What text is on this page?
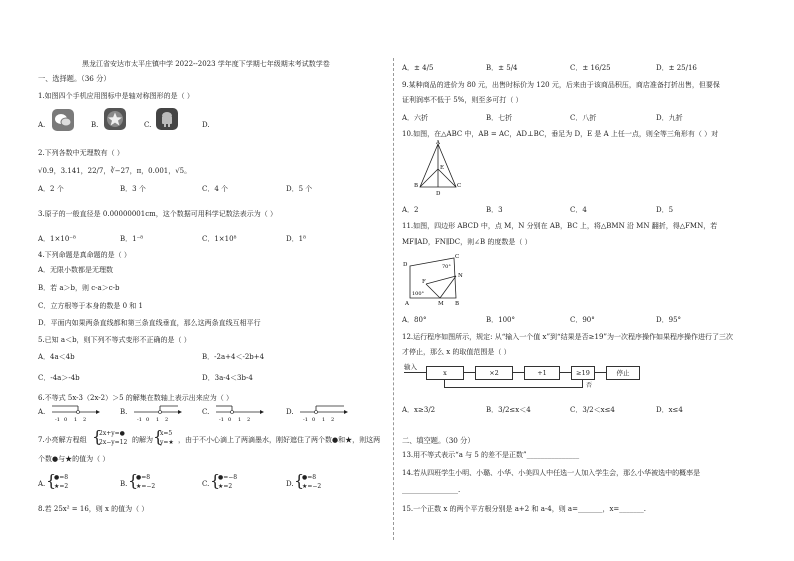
黑龙江省安达市太平庄镇中学 2022--2023 学年度下学期七年级期末考试数学卷
一、选择题。（36 分）
1.如图四个手机应用图标中是轴对称图形的是（ ）
A.	B.	C.	D.
2.下列各数中无理数有（ ）
√0.9，3.141，22/7，∛−27，π，0.001，√5。
A．2 个	B．3 个	C．4 个	D．5 个
3.原子的一般直径是 0.00000001cm，这个数据可用科学记数法表示为（ ）
A．1×10⁻⁸	B．1⁻⁸	C．1×10⁸	D．1⁸
4.下列命题是真命题的是（ ）
A．无限小数都是无理数
B．若 a＞b，则 c-a＞c-b
C．立方根等于本身的数是 0 和 1
D．平面内如果两条直线都和第三条直线垂直，那么这两条直线互相平行
5.已知 a＜b，则下列不等式变形不正确的是（ ）
A．4a＜4b	B．-2a+4＜-2b+4
C．-4a＞-4b	D．3a-4＜3b-4
6.不等式 5x-3（2x-2）＞5 的解集在数轴上表示出来应为（ ）
A.
-1 0 1 2
B.
-1 0 1 2
C.
-1 0 1 2
D.
-1 0 1 2
7.小亮解方程组 {
2x+y=●
2x−y=12 的解为 {
x=5
y=★ ，由于不小心滴上了两滴墨水，刚好遮住了两个数●和★，则这两
个数●与★的值为（ ）
A. {
●=8
★=2	B. {
●=8
★=−2	C. {
●=−8
★=2	D. {
●=8
★=−2
8.若 25x² = 16，则 x 的值为（ ）
A．± 4/5	B．± 5/4	C．± 16/25	D．± 25/16
9.某种商品的进价为 80 元，出售时标价为 120 元，后来由于该商品积压，商店准备打折出售，但要保
证利润率不低于 5%，则至多可打（ ）
A．六折	B．七折	C．八折	D．九折
10.如图，在△ABC 中，AB = AC，AD⊥BC，垂足为 D，E 是 A 上任一点，则全等三角形有（ ）对
A
B	C
D
E
A．2	B．3	C．4	D．5
11.如图，四边形 ABCD 中，点 M，N 分别在 AB，BC 上，将△BMN 沿 MN 翻折，得△FMN，若
MF∥AD，FN∥DC，则∠B 的度数是（ ）
D
C
N
F
A	M B
70°
100°
A．80°	B．100°	C．90°	D．95°
12.运行程序如图所示，规定: 从“输入一个值 x”到“结果是否≥19”为一次程序操作如果程序操作进行了三次
才停止，那么 x 的取值范围是（ ）
输入
x	×2	+1	≥19	停止
否
A．x≥3/2	B．3/2≤x＜4	C．3/2＜x≤4	D．x≤4
二、填空题。（30 分）
13.用不等式表示“a 与 5 的差不是正数”_______________
14.若从四班学生小明、小璐、小华、小美四人中任选一人加入学生会，那么小华被选中的概率是
________________.
15.一个正数 x 的两个平方根分别是 a+2 和 a-4，则 a=_______，x=_______.
